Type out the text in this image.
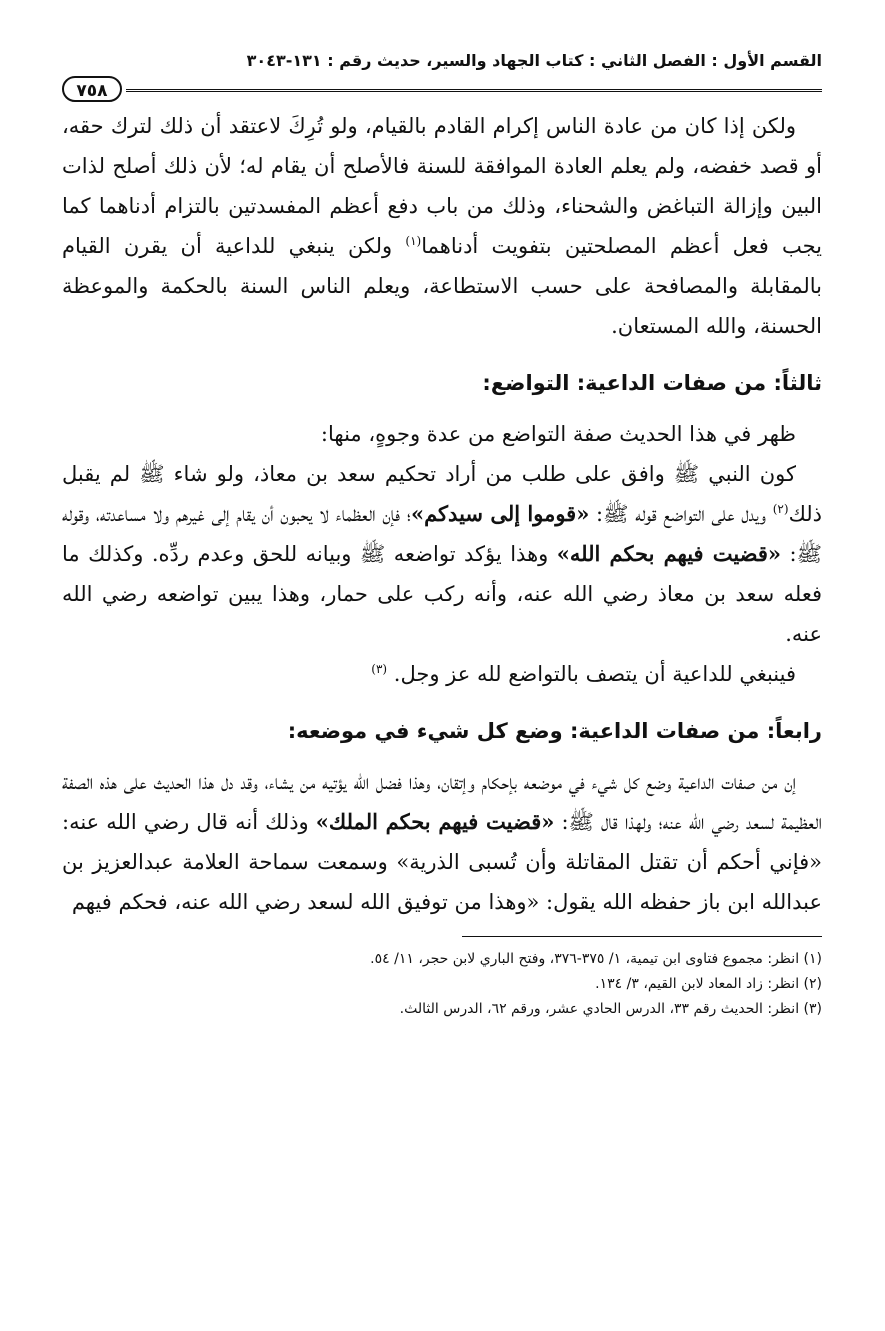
القسم الأول : الفصل الثاني : كتاب الجهاد والسير، حديث رقم : ١٣١-٣٠٤٣
٧٥٨

ولكن إذا كان من عادة الناس إكرام القادم بالقيام، ولو تُرِكَ لاعتقد أن ذلك لترك حقه، أو قصد خفضه، ولم يعلم العادة الموافقة للسنة فالأصلح أن يقام له؛ لأن ذلك أصلح لذات البين وإزالة التباغض والشحناء، وذلك من باب دفع أعظم المفسدتين بالتزام أدناهما كما يجب فعل أعظم المصلحتين بتفويت أدناهما$^{(١)}$ ولكن ينبغي للداعية أن يقرن القيام بالمقابلة والمصافحة على حسب الاستطاعة، ويعلم الناس السنة بالحكمة والموعظة الحسنة، والله المستعان.

ثالثاً: من صفات الداعية: التواضع:

ظهر في هذا الحديث صفة التواضع من عدة وجوهٍ، منها:

كون النبي ﷺ وافق على طلب من أراد تحكيم سعد بن معاذ، ولو شاء ﷺ لم يقبل ذلك$^{(٢)}$ ويدل على التواضع قوله ﷺ: «قوموا إلى سيدكم»؛ فإن العظماء لا يحبون أن يقام إلى غيرهم ولا مساعدته، وقوله ﷺ: «قضيت فيهم بحكم الله» وهذا يؤكد تواضعه ﷺ وبيانه للحق وعدم ردِّه. وكذلك ما فعله سعد بن معاذ رضي الله عنه، وأنه ركب على حمار، وهذا يبين تواضعه رضي الله عنه.

فينبغي للداعية أن يتصف بالتواضع لله عز وجل. $^{(٣)}$

رابعاً: من صفات الداعية: وضع كل شيء في موضعه:

إن من صفات الداعية وضع كل شيء في موضعه بإحكام وإتقان، وهذا فضل الله يؤتيه من يشاء، وقد دل هذا الحديث على هذه الصفة العظيمة لسعد رضي الله عنه؛ ولهذا قال ﷺ: «قضيت فيهم بحكم الملك» وذلك أنه قال رضي الله عنه: «فإني أحكم أن تقتل المقاتلة وأن تُسبى الذرية» وسمعت سماحة العلامة عبدالعزيز بن عبدالله ابن باز حفظه الله يقول: «وهذا من توفيق الله لسعد رضي الله عنه، فحكم فيهم

(١) انظر: مجموع فتاوى ابن تيمية، ١/ ٣٧٥-٣٧٦، وفتح الباري لابن حجر، ١١/ ٥٤.

(٢) انظر: زاد المعاد لابن القيم، ٣/ ١٣٤.

(٣) انظر: الحديث رقم ٣٣، الدرس الحادي عشر، ورقم ٦٢، الدرس الثالث.
